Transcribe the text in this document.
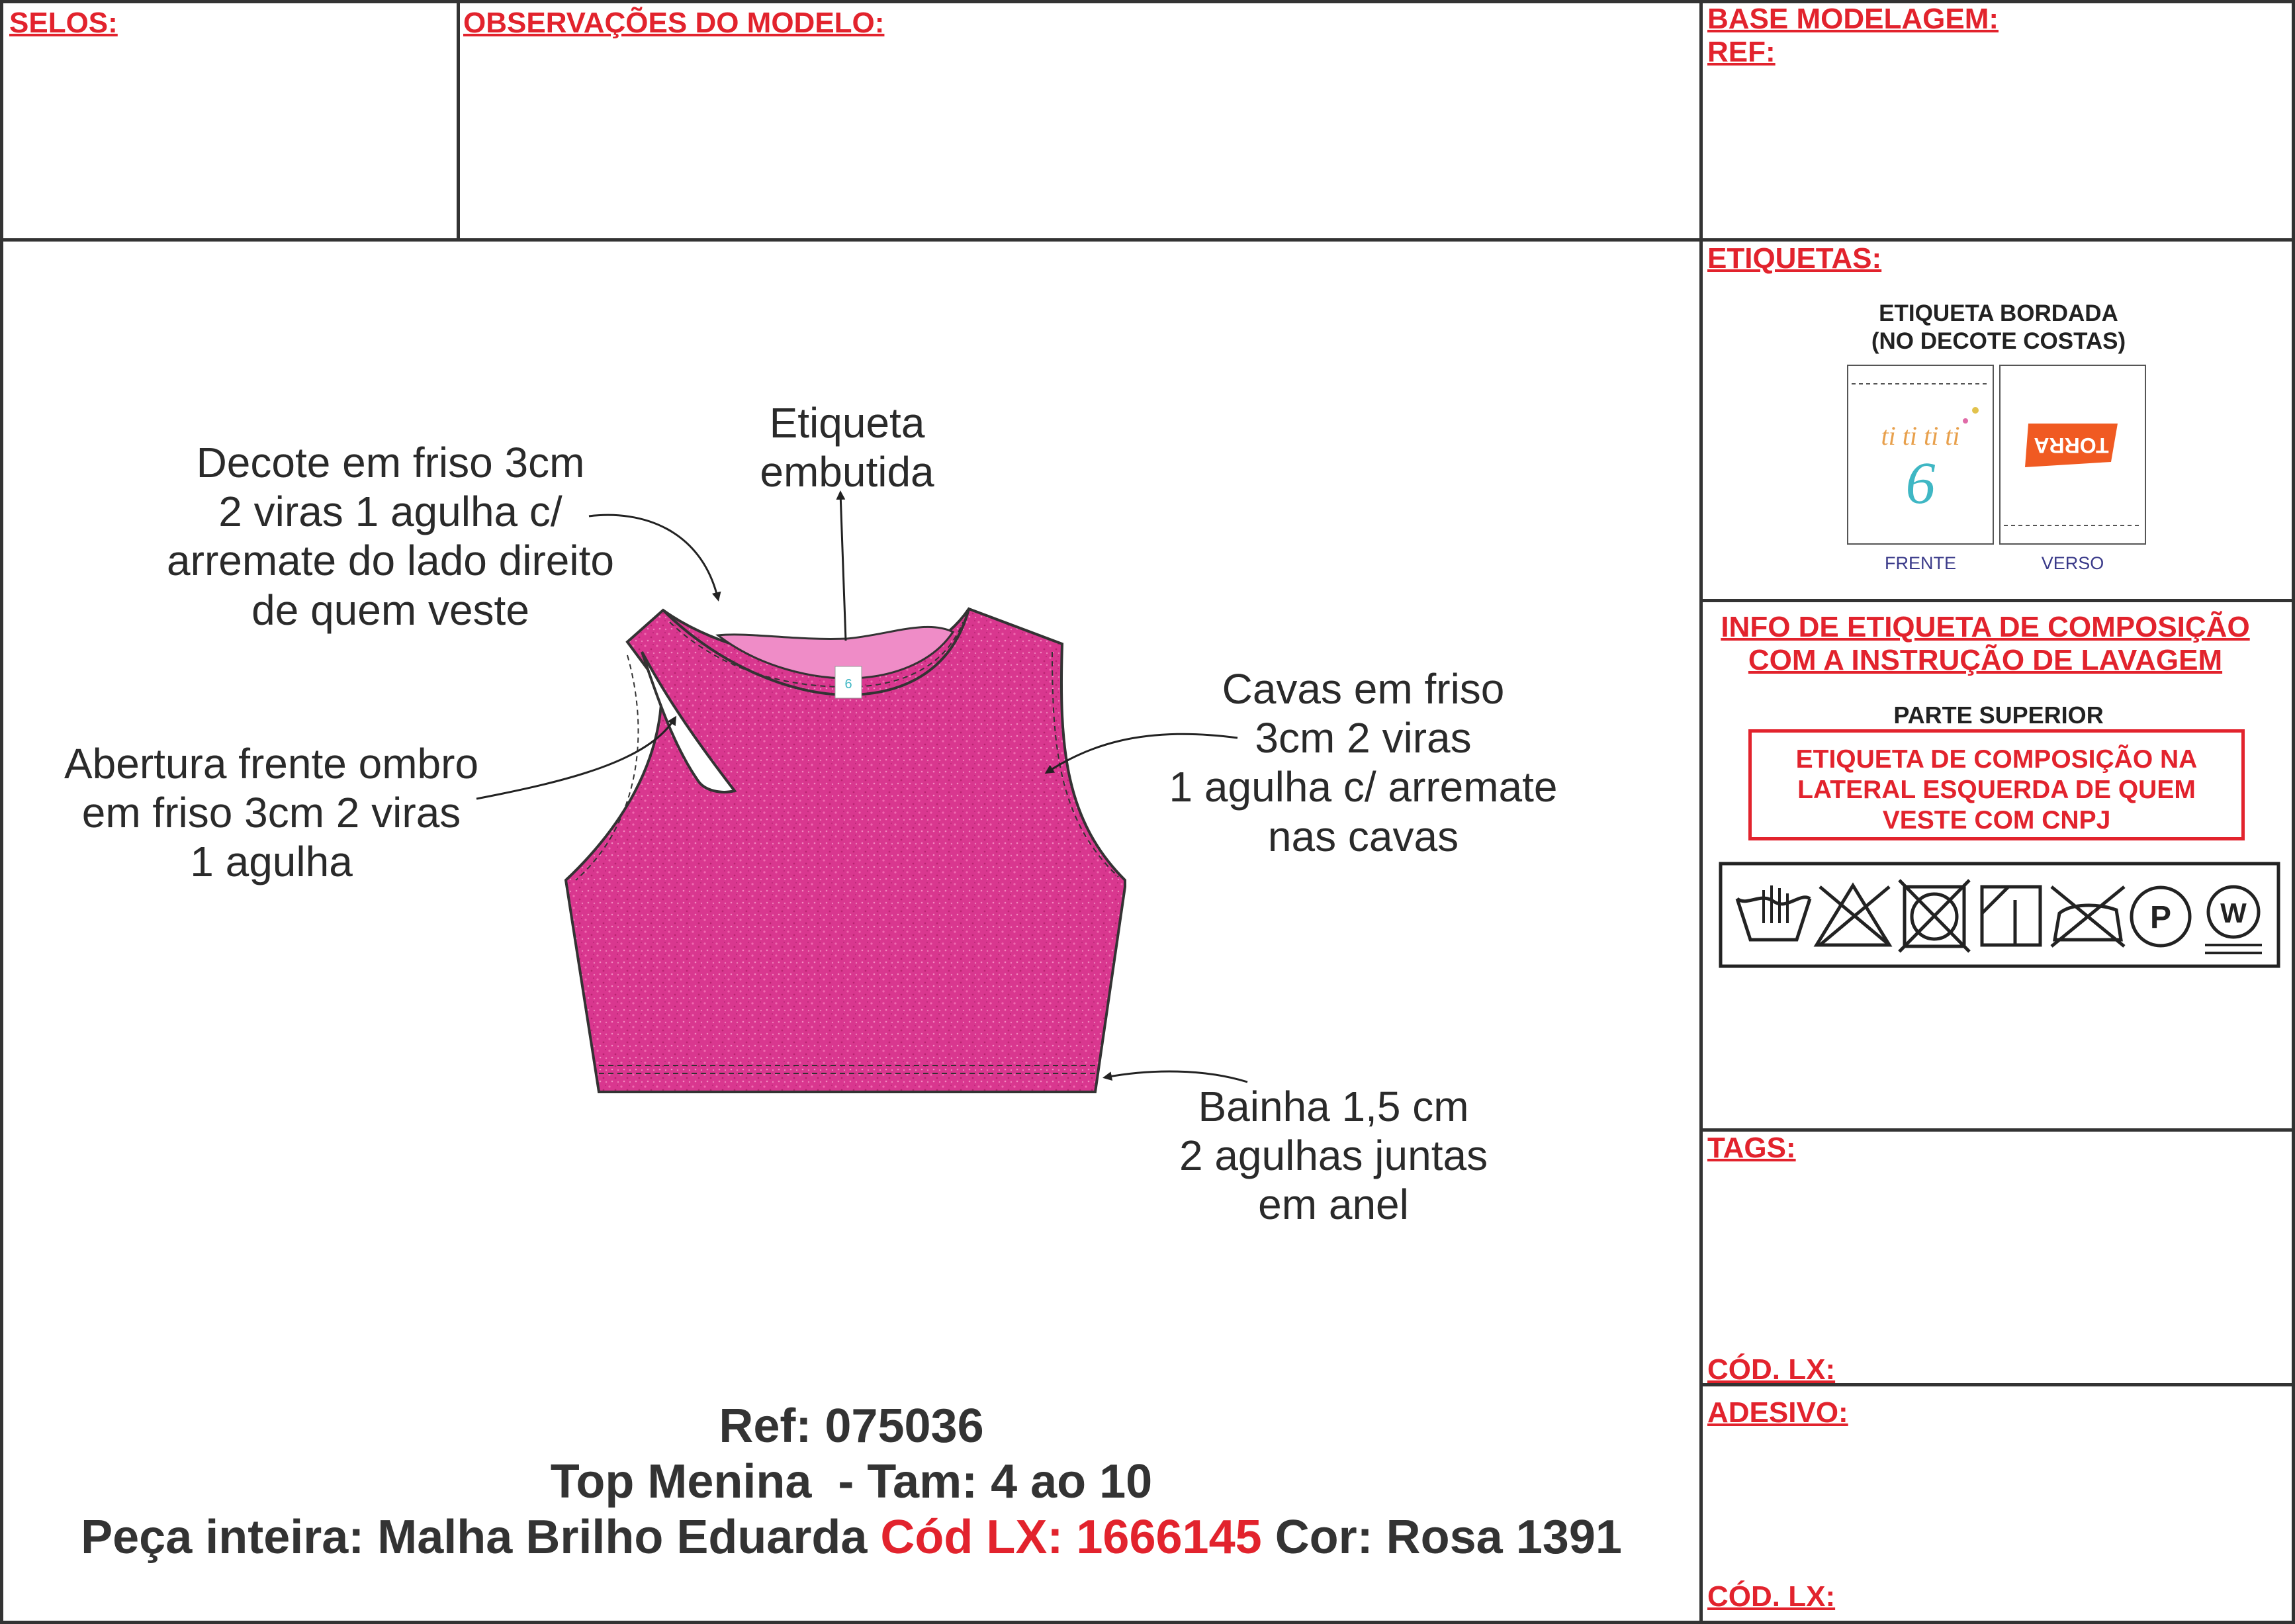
SELOS:	OBSERVAÇÕES DO MODELO:	BASE MODELAGEM:
REF:
ETIQUETAS:
TAGS:
CÓD. LX:
ADESIVO:
CÓD. LX:
INFO DE ETIQUETA DE COMPOSIÇÃO
COM A INSTRUÇÃO DE LAVAGEM
PARTE SUPERIOR
ETIQUETA DE COMPOSIÇÃO NA
LATERAL ESQUERDA DE QUEM
VESTE COM CNPJ
ETIQUETA BORDADA
(NO DECOTE COSTAS)
FRENTE	VERSO
Decote em friso 3cm
2 viras 1 agulha c/
arremate do lado direito
de quem veste
Etiqueta
embutida
Abertura frente ombro
em friso 3cm 2 viras
1 agulha
Cavas em friso
3cm 2 viras
1 agulha c/ arremate
nas cavas
Bainha 1,5 cm
2 agulhas juntas
em anel
Ref: 075036
Top Menina  - Tam: 4 ao 10
Peça inteira: Malha Brilho Eduarda Cód LX: 1666145 Cor: Rosa 1391
6
ti ti ti ti
6
TORRA
P W
